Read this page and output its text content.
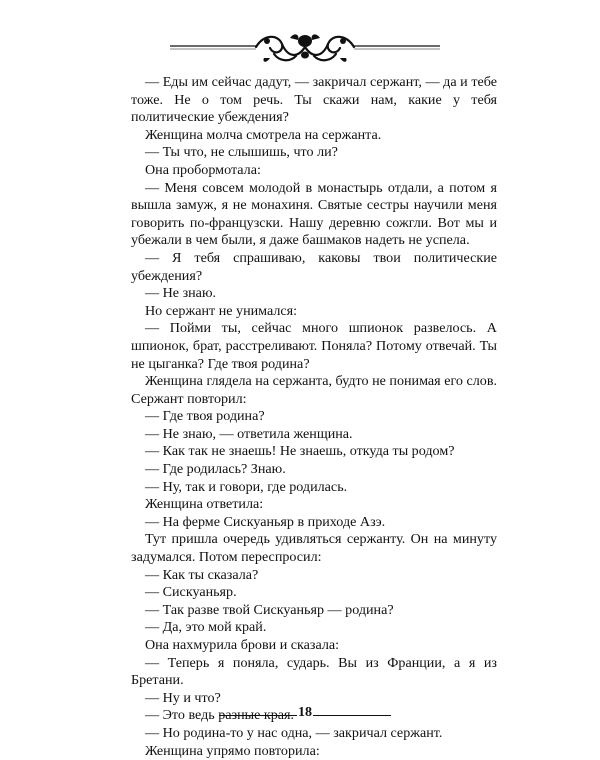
— Еды им сейчас дадут, — закричал сержант, — да и тебе тоже. Не о том речь. Ты скажи нам, какие у тебя политические убеждения?

Женщина молча смотрела на сержанта.

— Ты что, не слышишь, что ли?

Она пробормотала:

— Меня совсем молодой в монастырь отдали, а потом я вышла замуж, я не монахиня. Святые сестры научили меня говорить по-французски. Нашу деревню сожгли. Вот мы и убежали в чем были, я даже башмаков надеть не успела.

— Я тебя спрашиваю, каковы твои политические убеждения?

— Не знаю.

Но сержант не унимался:

— Пойми ты, сейчас много шпионок развелось. А шпионок, брат, расстреливают. Поняла? Потому отвечай. Ты не цыганка? Где твоя родина?

Женщина глядела на сержанта, будто не понимая его слов. Сержант повторил:

— Где твоя родина?

— Не знаю, — ответила женщина.

— Как так не знаешь! Не знаешь, откуда ты родом?

— Где родилась? Знаю.

— Ну, так и говори, где родилась.

Женщина ответила:

— На ферме Сискуаньяр в приходе Азэ.

Тут пришла очередь удивляться сержанту. Он на минуту задумался. Потом переспросил:

— Как ты сказала?

— Сискуаньяр.

— Так разве твой Сискуаньяр — родина?

— Да, это мой край.

Она нахмурила брови и сказала:

— Теперь я поняла, сударь. Вы из Франции, а я из Бретани.

— Ну и что?

— Это ведь разные края.

— Но родина-то у нас одна, — закричал сержант.

Женщина упрямо повторила:

18
